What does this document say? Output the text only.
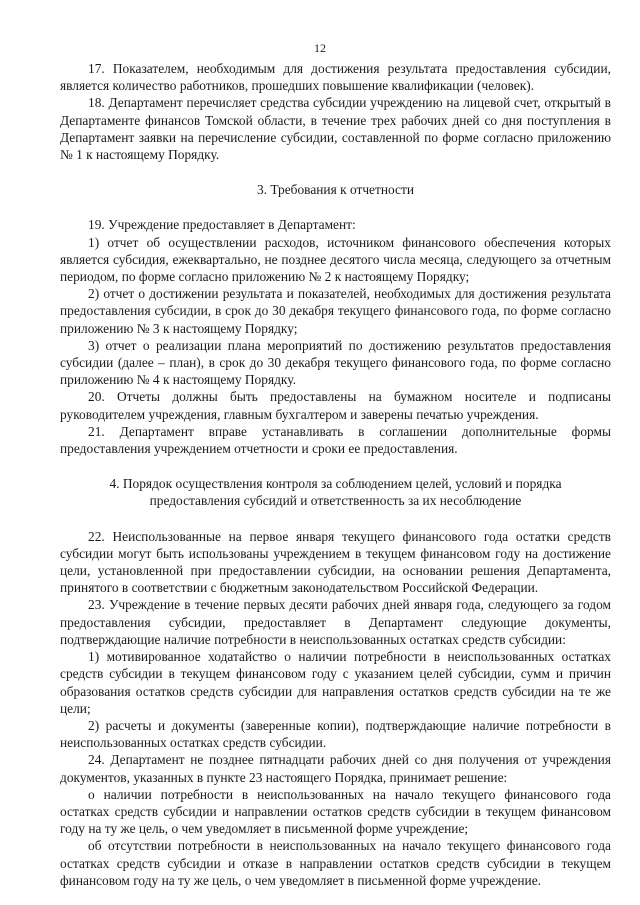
12

17. Показателем, необходимым для достижения результата предоставления субсидии, является количество работников, прошедших повышение квалификации (человек).

18. Департамент перечисляет средства субсидии учреждению на лицевой счет, открытый в Департаменте финансов Томской области, в течение трех рабочих дней со дня поступления в Департамент заявки на перечисление субсидии, составленной по форме согласно приложению № 1 к настоящему Порядку.

3. Требования к отчетности

19. Учреждение предоставляет в Департамент:

1) отчет об осуществлении расходов, источником финансового обеспечения которых является субсидия, ежеквартально, не позднее десятого числа месяца, следующего за отчетным периодом, по форме согласно приложению № 2 к настоящему Порядку;

2) отчет о достижении результата и показателей, необходимых для достижения результата предоставления субсидии, в срок до 30 декабря текущего финансового года, по форме согласно приложению № 3 к настоящему Порядку;

3) отчет о реализации плана мероприятий по достижению результатов предоставления субсидии (далее – план), в срок до 30 декабря текущего финансового года, по форме согласно приложению № 4 к настоящему Порядку.

20. Отчеты должны быть предоставлены на бумажном носителе и подписаны руководителем учреждения, главным бухгалтером и заверены печатью учреждения.

21. Департамент вправе устанавливать в соглашении дополнительные формы предоставления учреждением отчетности и сроки ее предоставления.

4. Порядок осуществления контроля за соблюдением целей, условий и порядка
предоставления субсидий и ответственность за их несоблюдение

22. Неиспользованные на первое января текущего финансового года остатки средств субсидии могут быть использованы учреждением в текущем финансовом году на достижение цели, установленной при предоставлении субсидии, на основании решения Департамента, принятого в соответствии с бюджетным законодательством Российской Федерации.

23. Учреждение в течение первых десяти рабочих дней января года, следующего за годом предоставления субсидии, предоставляет в Департамент следующие документы, подтверждающие наличие потребности в неиспользованных остатках средств субсидии:

1) мотивированное ходатайство о наличии потребности в неиспользованных остатках средств субсидии в текущем финансовом году с указанием целей субсидии, сумм и причин образования остатков средств субсидии для направления остатков средств субсидии на те же цели;

2) расчеты и документы (заверенные копии), подтверждающие наличие потребности в неиспользованных остатках средств субсидии.

24. Департамент не позднее пятнадцати рабочих дней со дня получения от учреждения документов, указанных в пункте 23 настоящего Порядка, принимает решение:

о наличии потребности в неиспользованных на начало текущего финансового года остатках средств субсидии и направлении остатков средств субсидии в текущем финансовом году на ту же цель, о чем уведомляет в письменной форме учреждение;

об отсутствии потребности в неиспользованных на начало текущего финансового года остатках средств субсидии и отказе в направлении остатков средств субсидии в текущем финансовом году на ту же цель, о чем уведомляет в письменной форме учреждение.
